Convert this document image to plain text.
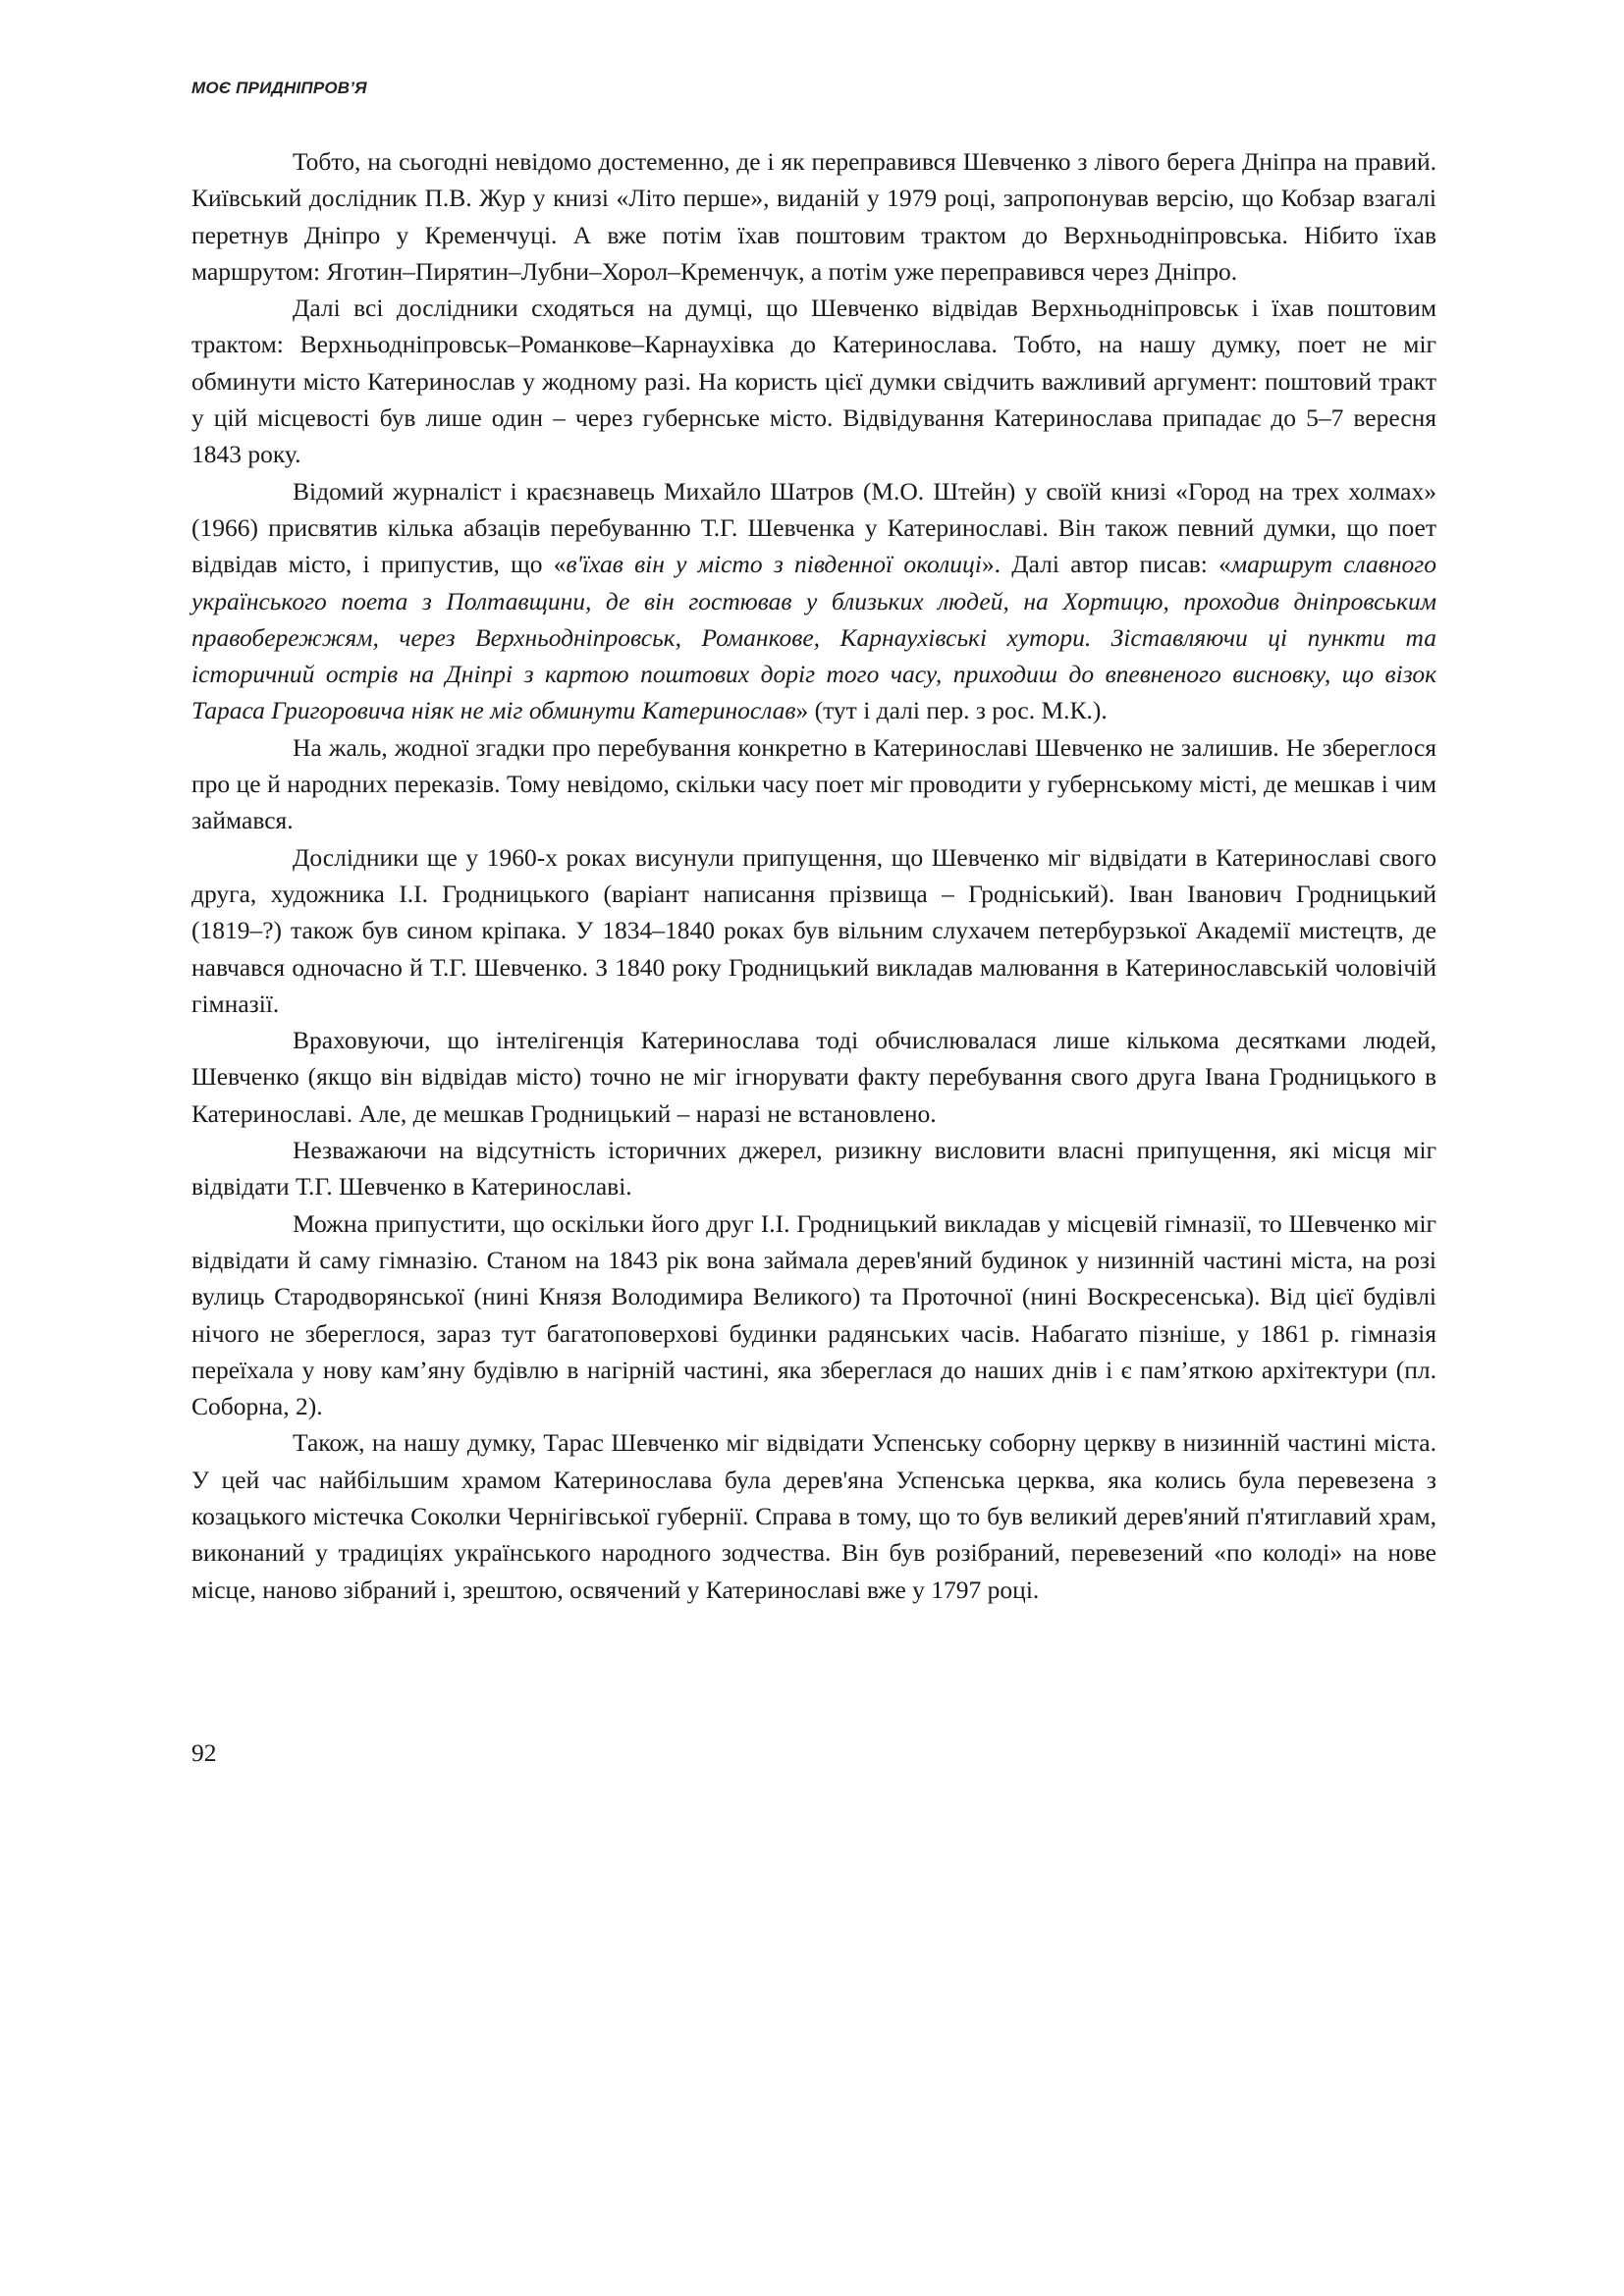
МОЄ ПРИДНІПРОВ’Я

Тобто, на сьогодні невідомо достеменно, де і як переправився Шевченко з лівого берега Дніпра на правий. Київський дослідник П.В. Жур у книзі «Літо перше», виданій у 1979 році, запропонував версію, що Кобзар взагалі перетнув Дніпро у Кременчуці. А вже потім їхав поштовим трактом до Верхньодніпровська. Нібито їхав маршрутом: Яготин–Пирятин–Лубни–Хорол–Кременчук, а потім уже переправився через Дніпро.

Далі всі дослідники сходяться на думці, що Шевченко відвідав Верхньодніпровськ і їхав поштовим трактом: Верхньодніпровськ–Романкове–Карнаухівка до Катеринослава. Тобто, на нашу думку, поет не міг обминути місто Катеринослав у жодному разі. На користь цієї думки свідчить важливий аргумент: поштовий тракт у цій місцевості був лише один – через губернське місто. Відвідування Катеринослава припадає до 5–7 вересня 1843 року.

Відомий журналіст і краєзнавець Михайло Шатров (М.О. Штейн) у своїй книзі «Город на трех холмах» (1966) присвятив кілька абзаців перебуванню Т.Г. Шевченка у Катеринославі. Він також певний думки, що поет відвідав місто, і припустив, що «в'їхав він у місто з південної околиці». Далі автор писав: «маршрут славного українського поета з Полтавщини, де він гостював у близьких людей, на Хортицю, проходив дніпровським правобережжям, через Верхньодніпровськ, Романкове, Карнаухівські хутори. Зіставляючи ці пункти та історичний острів на Дніпрі з картою поштових доріг того часу, приходиш до впевненого висновку, що візок Тараса Григоровича ніяк не міг обминути Катеринослав» (тут і далі пер. з рос. М.К.).

На жаль, жодної згадки про перебування конкретно в Катеринославі Шевченко не залишив. Не збереглося про це й народних переказів. Тому невідомо, скільки часу поет міг проводити у губернському місті, де мешкав і чим займався.

Дослідники ще у 1960-х роках висунули припущення, що Шевченко міг відвідати в Катеринославі свого друга, художника І.І. Гродницького (варіант написання прізвища – Гродніський). Іван Іванович Гродницький (1819–?) також був сином кріпака. У 1834–1840 роках був вільним слухачем петербурзької Академії мистецтв, де навчався одночасно й Т.Г. Шевченко. З 1840 року Гродницький викладав малювання в Катеринославській чоловічій гімназії.

Враховуючи, що інтелігенція Катеринослава тоді обчислювалася лише кількома десятками людей, Шевченко (якщо він відвідав місто) точно не міг ігнорувати факту перебування свого друга Івана Гродницького в Катеринославі. Але, де мешкав Гродницький – наразі не встановлено.

Незважаючи на відсутність історичних джерел, ризикну висловити власні припущення, які місця міг відвідати Т.Г. Шевченко в Катеринославі.

Можна припустити, що оскільки його друг І.І. Гродницький викладав у місцевій гімназії, то Шевченко міг відвідати й саму гімназію. Станом на 1843 рік вона займала дерев'яний будинок у низинній частині міста, на розі вулиць Стародворянської (нині Князя Володимира Великого) та Проточної (нині Воскресенська). Від цієї будівлі нічого не збереглося, зараз тут багатоповерхові будинки радянських часів. Набагато пізніше, у 1861 р. гімназія переїхала у нову кам’яну будівлю в нагірній частині, яка збереглася до наших днів і є пам’яткою архітектури (пл. Соборна, 2).

Також, на нашу думку, Тарас Шевченко міг відвідати Успенську соборну церкву в низинній частині міста. У цей час найбільшим храмом Катеринослава була дерев'яна Успенська церква, яка колись була перевезена з козацького містечка Соколки Чернігівської губернії. Справа в тому, що то був великий дерев'яний п'ятиглавий храм, виконаний у традиціях українського народного зодчества. Він був розібраний, перевезений «по колоді» на нове місце, наново зібраний і, зрештою, освячений у Катеринославі вже у 1797 році.

92
